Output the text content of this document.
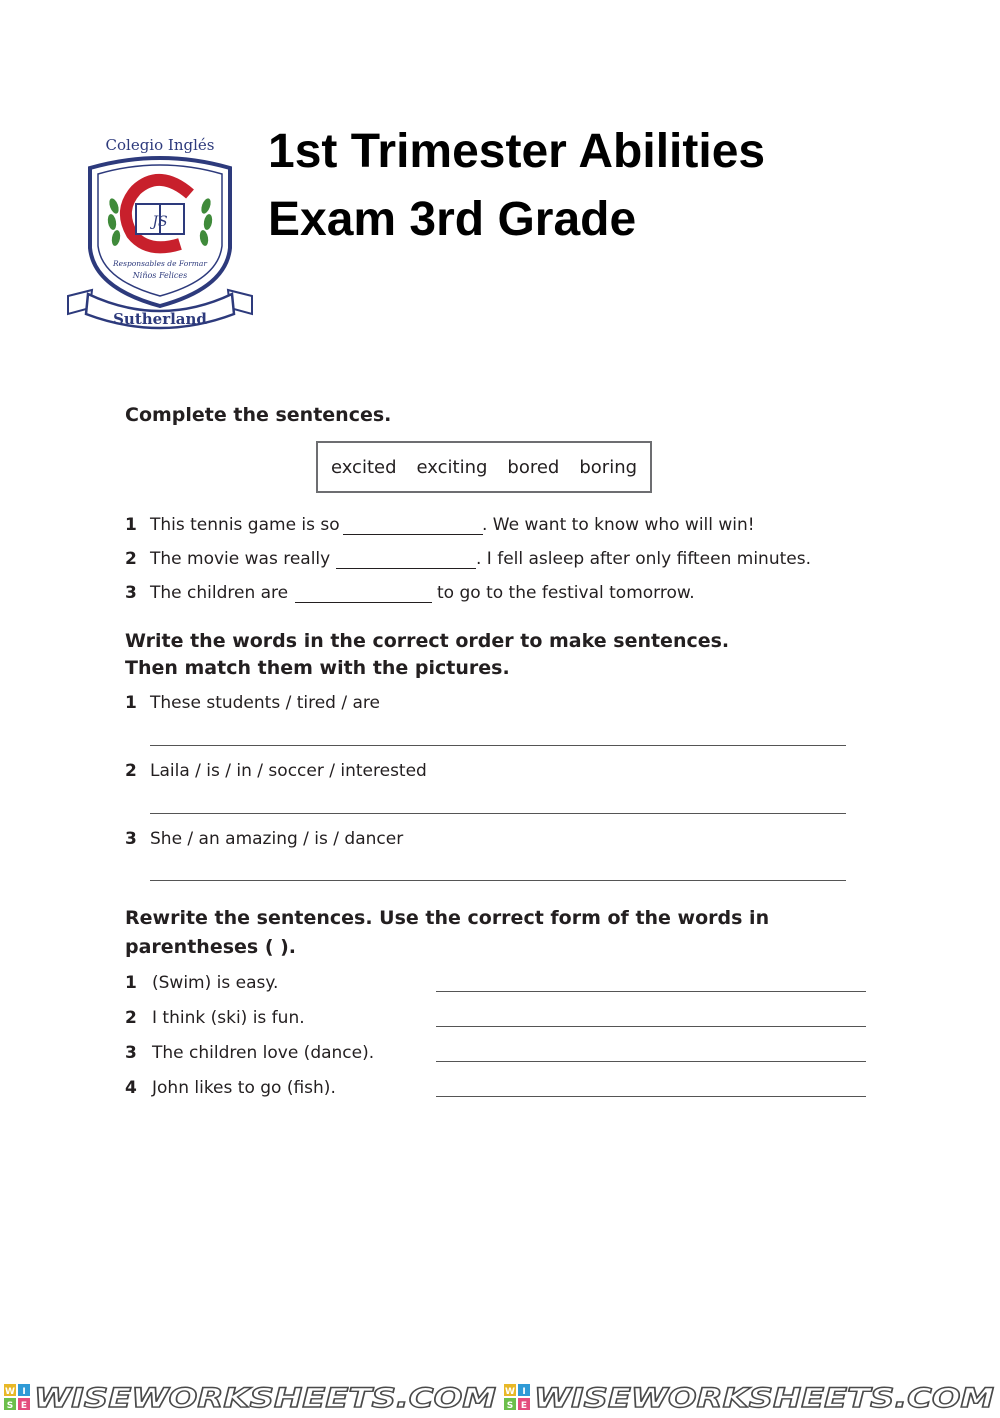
Colegio Inglés
JS
Responsables de Formar
Niños Felices
Sutherland
1st Trimester Abilities
Exam 3rd Grade
Complete the sentences.
excited exciting bored boring
1 This tennis game is so	. We want to know who will win!
2 The movie was really	. I fell asleep after only fifteen minutes.
3 The children are	to go to the festival tomorrow.
Write the words in the correct order to make sentences.
Then match them with the pictures.
1 These students / tired / are
2 Laila / is / in / soccer / interested
3 She / an amazing / is / dancer
Rewrite the sentences. Use the correct form of the words in
parentheses ( ).
1 (Swim) is easy.
2 I think (ski) is fun.
3 The children love (dance).
4 John likes to go (fish).
W I
S E WISEWORKSHEETS.COM W I
S E WISEWORKSHEETS.COM
